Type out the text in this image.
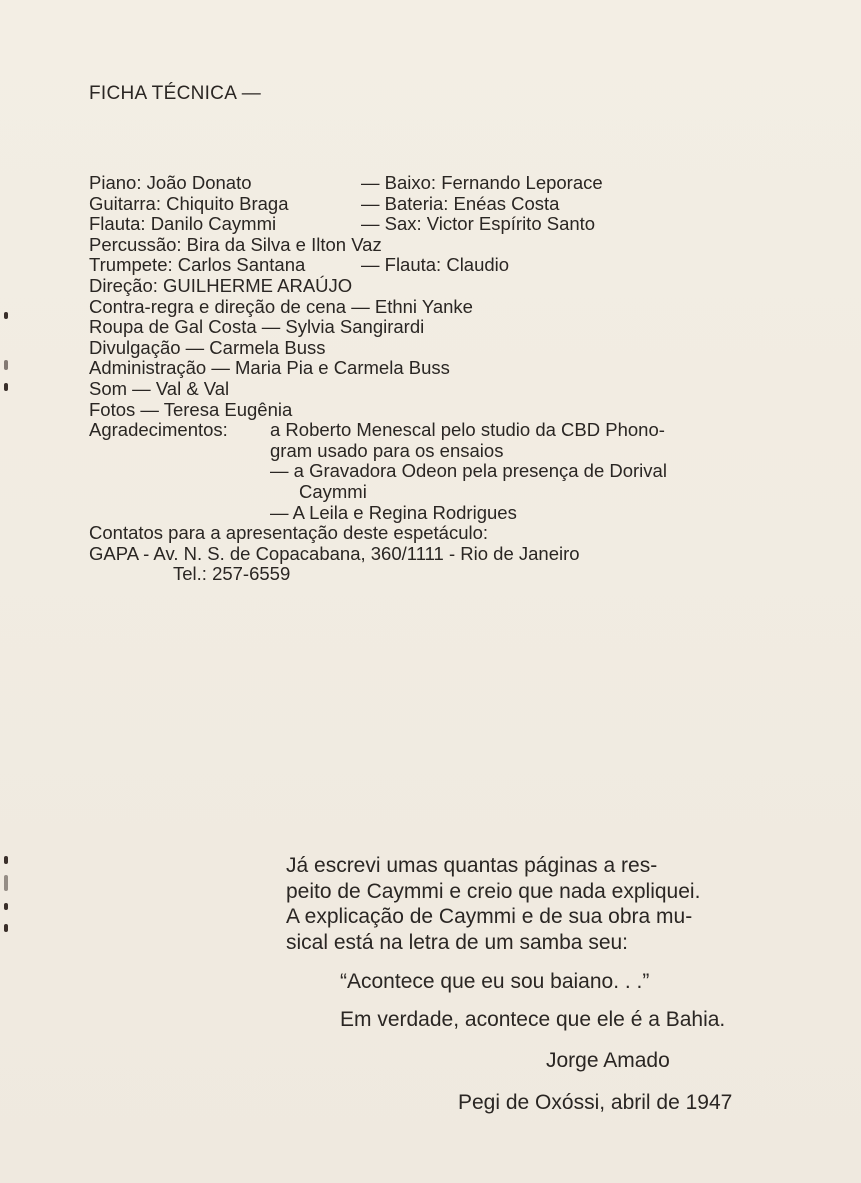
FICHA TÉCNICA —
Piano: João Donato	— Baixo: Fernando Leporace
Guitarra: Chiquito Braga	— Bateria: Enéas Costa
Flauta: Danilo Caymmi	— Sax: Victor Espírito Santo
Percussão: Bira da Silva e Ilton Vaz
Trumpete: Carlos Santana	— Flauta: Claudio
Direção: GUILHERME ARAÚJO
Contra-regra e direção de cena — Ethni Yanke
Roupa de Gal Costa — Sylvia Sangirardi
Divulgação — Carmela Buss
Administração — Maria Pia e Carmela Buss
Som — Val & Val
Fotos — Teresa Eugênia
Agradecimentos: a Roberto Menescal pelo studio da CBD Phono-
gram usado para os ensaios
— a Gravadora Odeon pela presença de Dorival
Caymmi
— A Leila e Regina Rodrigues
Contatos para a apresentação deste espetáculo:
GAPA - Av. N. S. de Copacabana, 360/1111 - Rio de Janeiro
Tel.: 257-6559
Já escrevi umas quantas páginas a res-
peito de Caymmi e creio que nada expliquei.
A explicação de Caymmi e de sua obra mu-
sical está na letra de um samba seu:
“Acontece que eu sou baiano. . .”
Em verdade, acontece que ele é a Bahia.
Jorge Amado
Pegi de Oxóssi, abril de 1947
